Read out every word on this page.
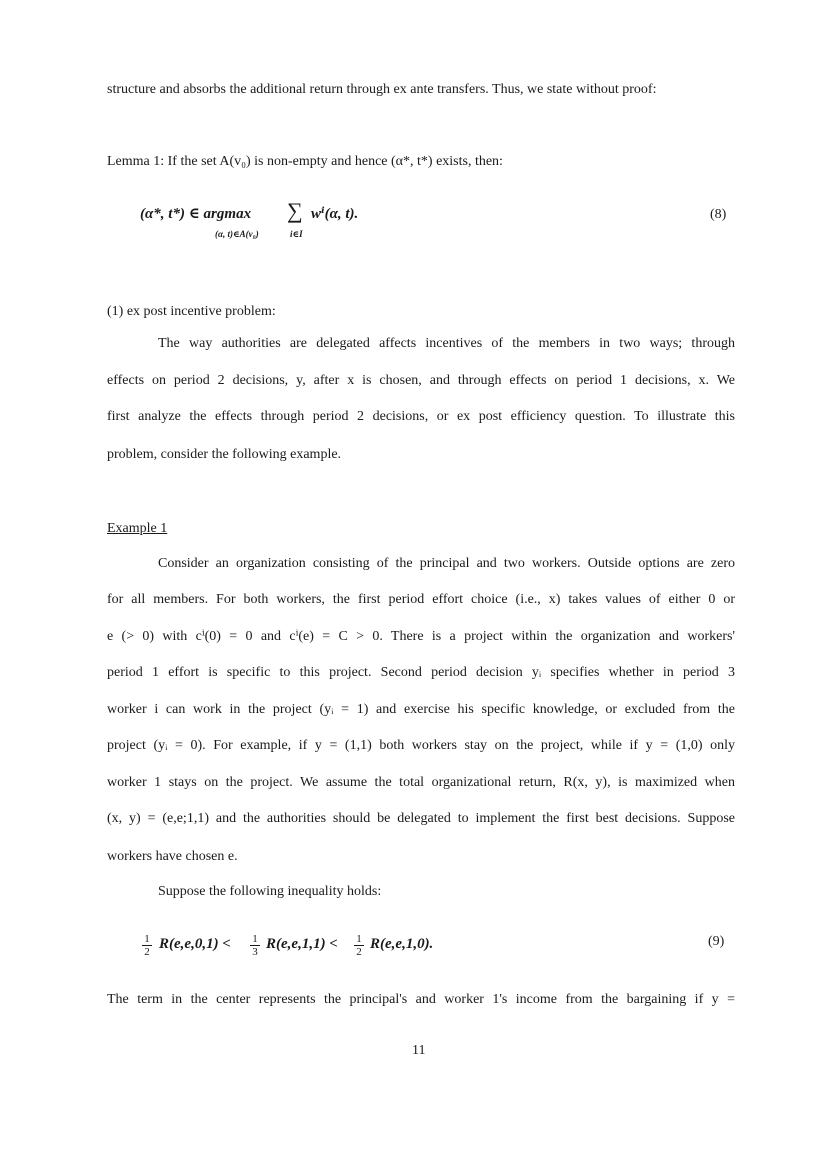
structure and absorbs the additional return through ex ante transfers. Thus, we state without proof:
Lemma 1: If the set A(v₀) is non-empty and hence (α*, t*) exists, then:
(α*, t*) ∈ argmax
(α, t)∈A(v₀)
∑
i∈I
wⁱ(α, t).	(8)
(1) ex post incentive problem:
The way authorities are delegated affects incentives of the members in two ways; through
effects on period 2 decisions, y, after x is chosen, and through effects on period 1 decisions, x. We
first analyze the effects through period 2 decisions, or ex post efficiency question. To illustrate this
problem, consider the following example.
Example 1
Consider an organization consisting of the principal and two workers. Outside options are zero
for all members. For both workers, the first period effort choice (i.e., x) takes values of either 0 or
e (> 0) with cⁱ(0) = 0 and cⁱ(e) = C > 0. There is a project within the organization and workers'
period 1 effort is specific to this project. Second period decision yᵢ specifies whether in period 3
worker i can work in the project (yᵢ = 1) and exercise his specific knowledge, or excluded from the
project (yᵢ = 0). For example, if y = (1,1) both workers stay on the project, while if y = (1,0) only
worker 1 stays on the project. We assume the total organizational return, R(x, y), is maximized when
(x, y) = (e,e;1,1) and the authorities should be delegated to implement the first best decisions. Suppose
workers have chosen e.
Suppose the following inequality holds:
$\frac{1}{2} R(e,e,0,1) < \frac{1}{3} R(e,e,1,1) < \frac{1}{2} R(e,e,1,0)$.	(9)
The term in the center represents the principal's and worker 1's income from the bargaining if y =
11
